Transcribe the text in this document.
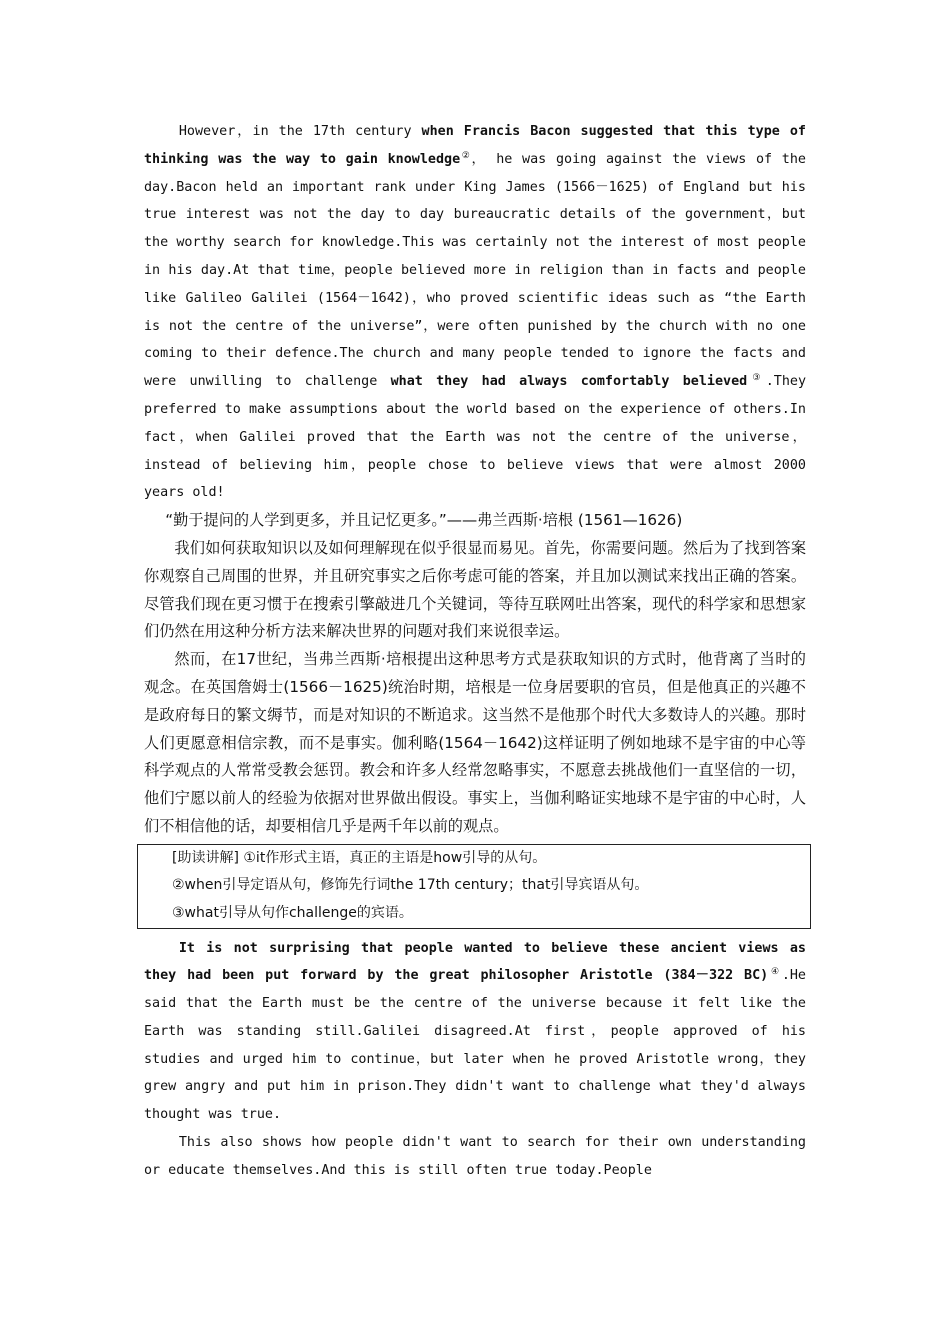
However，in the 17th century when Francis Bacon suggested that this type of thinking was the way to gain knowledge②， he was going against the views of the day.Bacon held an important rank under King James (1566－1625) of England but his true interest was not the day to day bureaucratic details of the government，but the worthy search for knowledge.This was certainly not the interest of most people in his day.At that time，people believed more in religion than in facts and people like Galileo Galilei (1564－1642)，who proved scientific ideas such as “the Earth is not the centre of the universe”，were often punished by the church with no one coming to their defence.The church and many people tended to ignore the facts and were unwilling to challenge what they had always comfortably believed③.They preferred to make assumptions about the world based on the experience of others.In fact，when Galilei proved that the Earth was not the centre of the universe，instead of believing him，people chose to believe views that were almost 2000 years old!

“勤于提问的人学到更多，并且记忆更多。”——弗兰西斯·培根 (1561—1626)

我们如何获取知识以及如何理解现在似乎很显而易见。首先，你需要问题。然后为了找到答案你观察自己周围的世界，并且研究事实之后你考虑可能的答案，并且加以测试来找出正确的答案。尽管我们现在更习惯于在搜索引擎敲进几个关键词，等待互联网吐出答案，现代的科学家和思想家们仍然在用这种分析方法来解决世界的问题对我们来说很幸运。

然而，在17世纪，当弗兰西斯·培根提出这种思考方式是获取知识的方式时，他背离了当时的观念。在英国詹姆士(1566－1625)统治时期，培根是一位身居要职的官员，但是他真正的兴趣不是政府每日的繁文缛节，而是对知识的不断追求。这当然不是他那个时代大多数诗人的兴趣。那时人们更愿意相信宗教，而不是事实。伽利略(1564－1642)这样证明了例如地球不是宇宙的中心等科学观点的人常常受教会惩罚。教会和许多人经常忽略事实，不愿意去挑战他们一直坚信的一切，他们宁愿以前人的经验为依据对世界做出假设。事实上，当伽利略证实地球不是宇宙的中心时，人们不相信他的话，却要相信几乎是两千年以前的观点。

[助读讲解] ①it作形式主语，真正的主语是how引导的从句。
②when引导定语从句，修饰先行词the 17th century；that引导宾语从句。
③what引导从句作challenge的宾语。

It is not surprising that people wanted to believe these ancient views as they had been put forward by the great philosopher Aristotle (384－322 BC)④.He said that the Earth must be the centre of the universe because it felt like the Earth was standing still.Galilei disagreed.At first，people approved of his studies and urged him to continue，but later when he proved Aristotle wrong，they grew angry and put him in prison.They didn't want to challenge what they'd always thought was true.

This also shows how people didn't want to search for their own understanding or educate themselves.And this is still often true today.People
